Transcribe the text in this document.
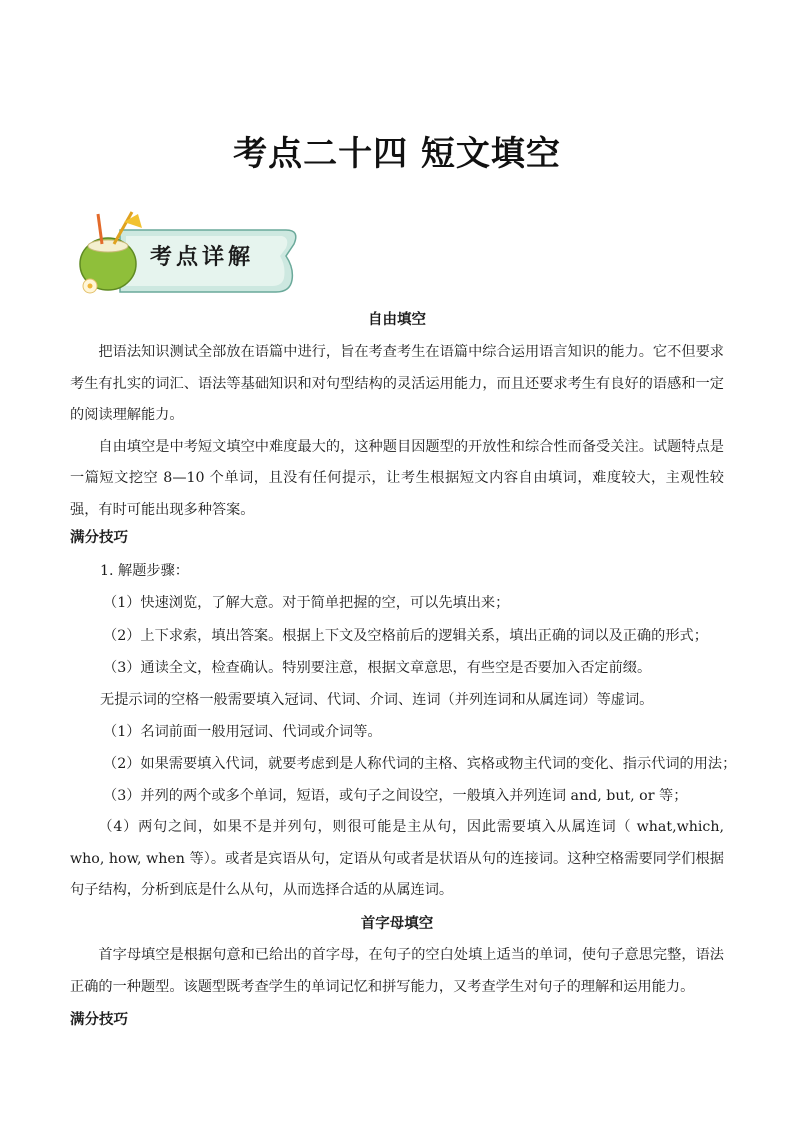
考点二十四 短文填空
考点详解
自由填空

把语法知识测试全部放在语篇中进行，旨在考查考生在语篇中综合运用语言知识的能力。它不但要求考生有扎实的词汇、语法等基础知识和对句型结构的灵活运用能力，而且还要求考生有良好的语感和一定的阅读理解能力。

自由填空是中考短文填空中难度最大的，这种题目因题型的开放性和综合性而备受关注。试题特点是一篇短文挖空 8—10 个单词，且没有任何提示，让考生根据短文内容自由填词，难度较大，主观性较强，有时可能出现多种答案。

满分技巧
1. 解题步骤：
（1）快速浏览，了解大意。对于简单把握的空，可以先填出来；
（2）上下求索，填出答案。根据上下文及空格前后的逻辑关系，填出正确的词以及正确的形式；
（3）通读全文，检查确认。特别要注意，根据文章意思，有些空是否要加入否定前缀。
无提示词的空格一般需要填入冠词、代词、介词、连词（并列连词和从属连词）等虚词。
（1）名词前面一般用冠词、代词或介词等。
（2）如果需要填入代词，就要考虑到是人称代词的主格、宾格或物主代词的变化、指示代词的用法；
（3）并列的两个或多个单词，短语，或句子之间设空，一般填入并列连词 and, but, or 等；

（4）两句之间，如果不是并列句，则很可能是主从句，因此需要填入从属连词（ what,which, who, how, when 等）。或者是宾语从句，定语从句或者是状语从句的连接词。这种空格需要同学们根据句子结构，分析到底是什么从句，从而选择合适的从属连词。

首字母填空

首字母填空是根据句意和已给出的首字母，在句子的空白处填上适当的单词，使句子意思完整，语法正确的一种题型。该题型既考查学生的单词记忆和拼写能力，又考查学生对句子的理解和运用能力。

满分技巧
